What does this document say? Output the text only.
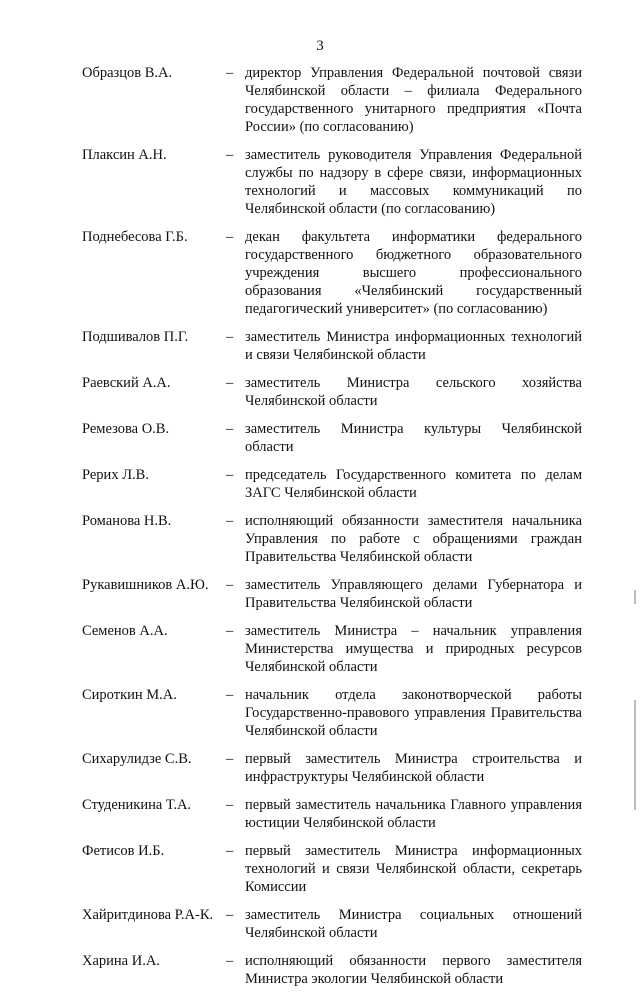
3
Образцов В.А.	– директор Управления Федеральной почтовой связи Челябинской области – филиала Федерального государственного унитарного предприятия «Почта России» (по согласованию)
Плаксин А.Н.	– заместитель руководителя Управления Федеральной службы по надзору в сфере связи, информационных технологий и массовых коммуникаций по Челябинской области (по согласованию)
Поднебесова Г.Б.	– декан факультета информатики федерального государственного бюджетного образовательного учреждения высшего профессионального образования «Челябинский государственный педагогический университет» (по согласованию)
Подшивалов П.Г.	– заместитель Министра информационных технологий и связи Челябинской области
Раевский А.А.	– заместитель Министра сельского хозяйства Челябинской области
Ремезова О.В.	– заместитель Министра культуры Челябинской области
Рерих Л.В.	– председатель Государственного комитета по делам ЗАГС Челябинской области
Романова Н.В.	– исполняющий обязанности заместителя начальника Управления по работе с обращениями граждан Правительства Челябинской области
Рукавишников А.Ю. – заместитель Управляющего делами Губернатора и Правительства Челябинской области
Семенов А.А.	– заместитель Министра – начальник управления Министерства имущества и природных ресурсов Челябинской области
Сироткин М.А.	– начальник отдела законотворческой работы Государственно-правового управления Правительства Челябинской области
Сихарулидзе С.В. – первый заместитель Министра строительства и инфраструктуры Челябинской области
Студеникина Т.А. – первый заместитель начальника Главного управления юстиции Челябинской области
Фетисов И.Б.	– первый заместитель Министра информационных технологий и связи Челябинской области, секретарь Комиссии
Хайритдинова Р.А-К. – заместитель Министра социальных отношений Челябинской области
Харина И.А.	– исполняющий обязанности первого заместителя Министра экологии Челябинской области
